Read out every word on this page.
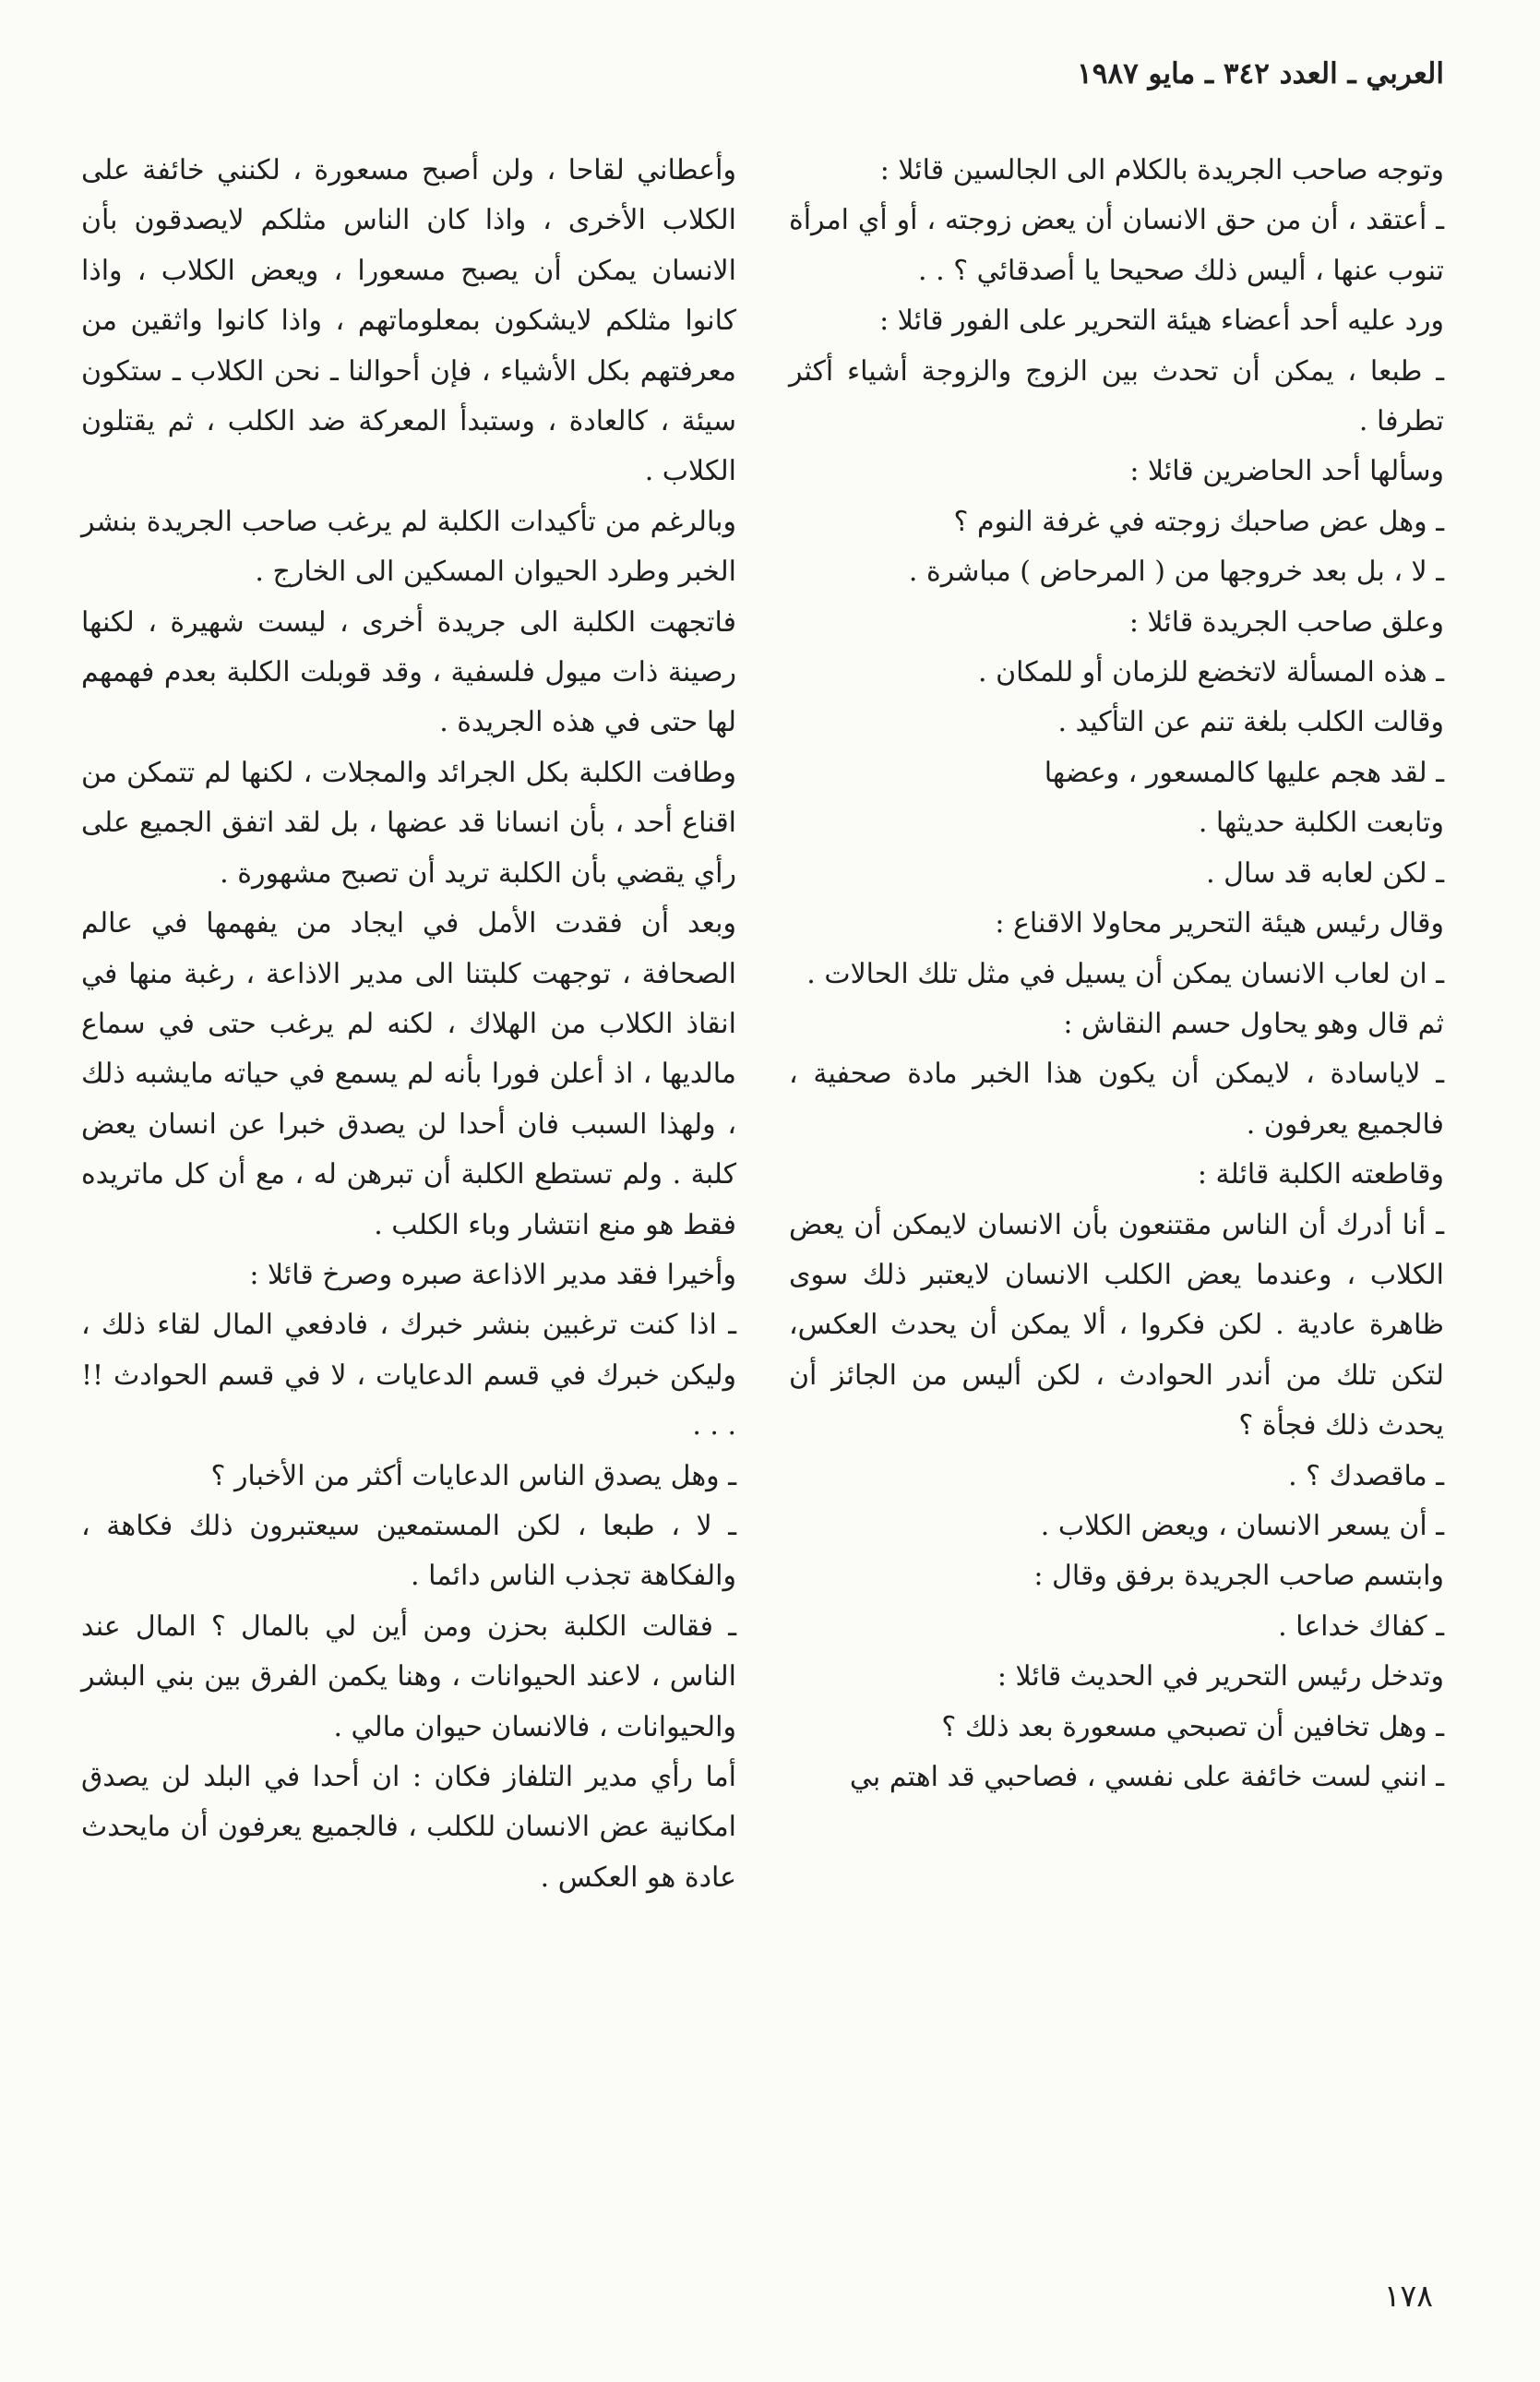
العربي ـ العدد ٣٤٢ ـ مايو ١٩٨٧

وتوجه صاحب الجريدة بالكلام الى الجالسين قائلا :

ـ أعتقد ، أن من حق الانسان أن يعض زوجته ، أو أي امرأة تنوب عنها ، أليس ذلك صحيحا يا أصدقائي ؟ . .

ورد عليه أحد أعضاء هيئة التحرير على الفور قائلا :

ـ طبعا ، يمكن أن تحدث بين الزوج والزوجة أشياء أكثر تطرفا .

وسألها أحد الحاضرين قائلا :

ـ وهل عض صاحبك زوجته في غرفة النوم ؟

ـ لا ، بل بعد خروجها من ( المرحاض ) مباشرة .

وعلق صاحب الجريدة قائلا :

ـ هذه المسألة لاتخضع للزمان أو للمكان .

وقالت الكلب بلغة تنم عن التأكيد .

ـ لقد هجم عليها كالمسعور ، وعضها

وتابعت الكلبة حديثها .

ـ لكن لعابه قد سال .

وقال رئيس هيئة التحرير محاولا الاقناع :

ـ ان لعاب الانسان يمكن أن يسيل في مثل تلك الحالات .

ثم قال وهو يحاول حسم النقاش :

ـ لاياسادة ، لايمكن أن يكون هذا الخبر مادة صحفية ، فالجميع يعرفون .

وقاطعته الكلبة قائلة :

ـ أنا أدرك أن الناس مقتنعون بأن الانسان لايمكن أن يعض الكلاب ، وعندما يعض الكلب الانسان لايعتبر ذلك سوى ظاهرة عادية . لكن فكروا ، ألا يمكن أن يحدث العكس، لتكن تلك من أندر الحوادث ، لكن أليس من الجائز أن يحدث ذلك فجأة ؟

ـ ماقصدك ؟ .

ـ أن يسعر الانسان ، ويعض الكلاب .

وابتسم صاحب الجريدة برفق وقال :

ـ كفاك خداعا .

وتدخل رئيس التحرير في الحديث قائلا :

ـ وهل تخافين أن تصبحي مسعورة بعد ذلك ؟

ـ انني لست خائفة على نفسي ، فصاحبي قد اهتم بي

وأعطاني لقاحا ، ولن أصبح مسعورة ، لكنني خائفة على الكلاب الأخرى ، واذا كان الناس مثلكم لايصدقون بأن الانسان يمكن أن يصبح مسعورا ، ويعض الكلاب ، واذا كانوا مثلكم لايشكون بمعلوماتهم ، واذا كانوا واثقين من معرفتهم بكل الأشياء ، فإن أحوالنا ـ نحن الكلاب ـ ستكون سيئة ، كالعادة ، وستبدأ المعركة ضد الكلب ، ثم يقتلون الكلاب .

وبالرغم من تأكيدات الكلبة لم يرغب صاحب الجريدة بنشر الخبر وطرد الحيوان المسكين الى الخارج .

فاتجهت الكلبة الى جريدة أخرى ، ليست شهيرة ، لكنها رصينة ذات ميول فلسفية ، وقد قوبلت الكلبة بعدم فهمهم لها حتى في هذه الجريدة .

وطافت الكلبة بكل الجرائد والمجلات ، لكنها لم تتمكن من اقناع أحد ، بأن انسانا قد عضها ، بل لقد اتفق الجميع على رأي يقضي بأن الكلبة تريد أن تصبح مشهورة .

وبعد أن فقدت الأمل في ايجاد من يفهمها في عالم الصحافة ، توجهت كلبتنا الى مدير الاذاعة ، رغبة منها في انقاذ الكلاب من الهلاك ، لكنه لم يرغب حتى في سماع مالديها ، اذ أعلن فورا بأنه لم يسمع في حياته مايشبه ذلك ، ولهذا السبب فان أحدا لن يصدق خبرا عن انسان يعض كلبة . ولم تستطع الكلبة أن تبرهن له ، مع أن كل ماتريده فقط هو منع انتشار وباء الكلب .

وأخيرا فقد مدير الاذاعة صبره وصرخ قائلا :

ـ اذا كنت ترغبين بنشر خبرك ، فادفعي المال لقاء ذلك ، وليكن خبرك في قسم الدعايات ، لا في قسم الحوادث !! . . .

ـ وهل يصدق الناس الدعايات أكثر من الأخبار ؟

ـ لا ، طبعا ، لكن المستمعين سيعتبرون ذلك فكاهة ، والفكاهة تجذب الناس دائما .

ـ فقالت الكلبة بحزن ومن أين لي بالمال ؟ المال عند الناس ، لاعند الحيوانات ، وهنا يكمن الفرق بين بني البشر والحيوانات ، فالانسان حيوان مالي .

أما رأي مدير التلفاز فكان : ان أحدا في البلد لن يصدق امكانية عض الانسان للكلب ، فالجميع يعرفون أن مايحدث عادة هو العكس .

١٧٨
